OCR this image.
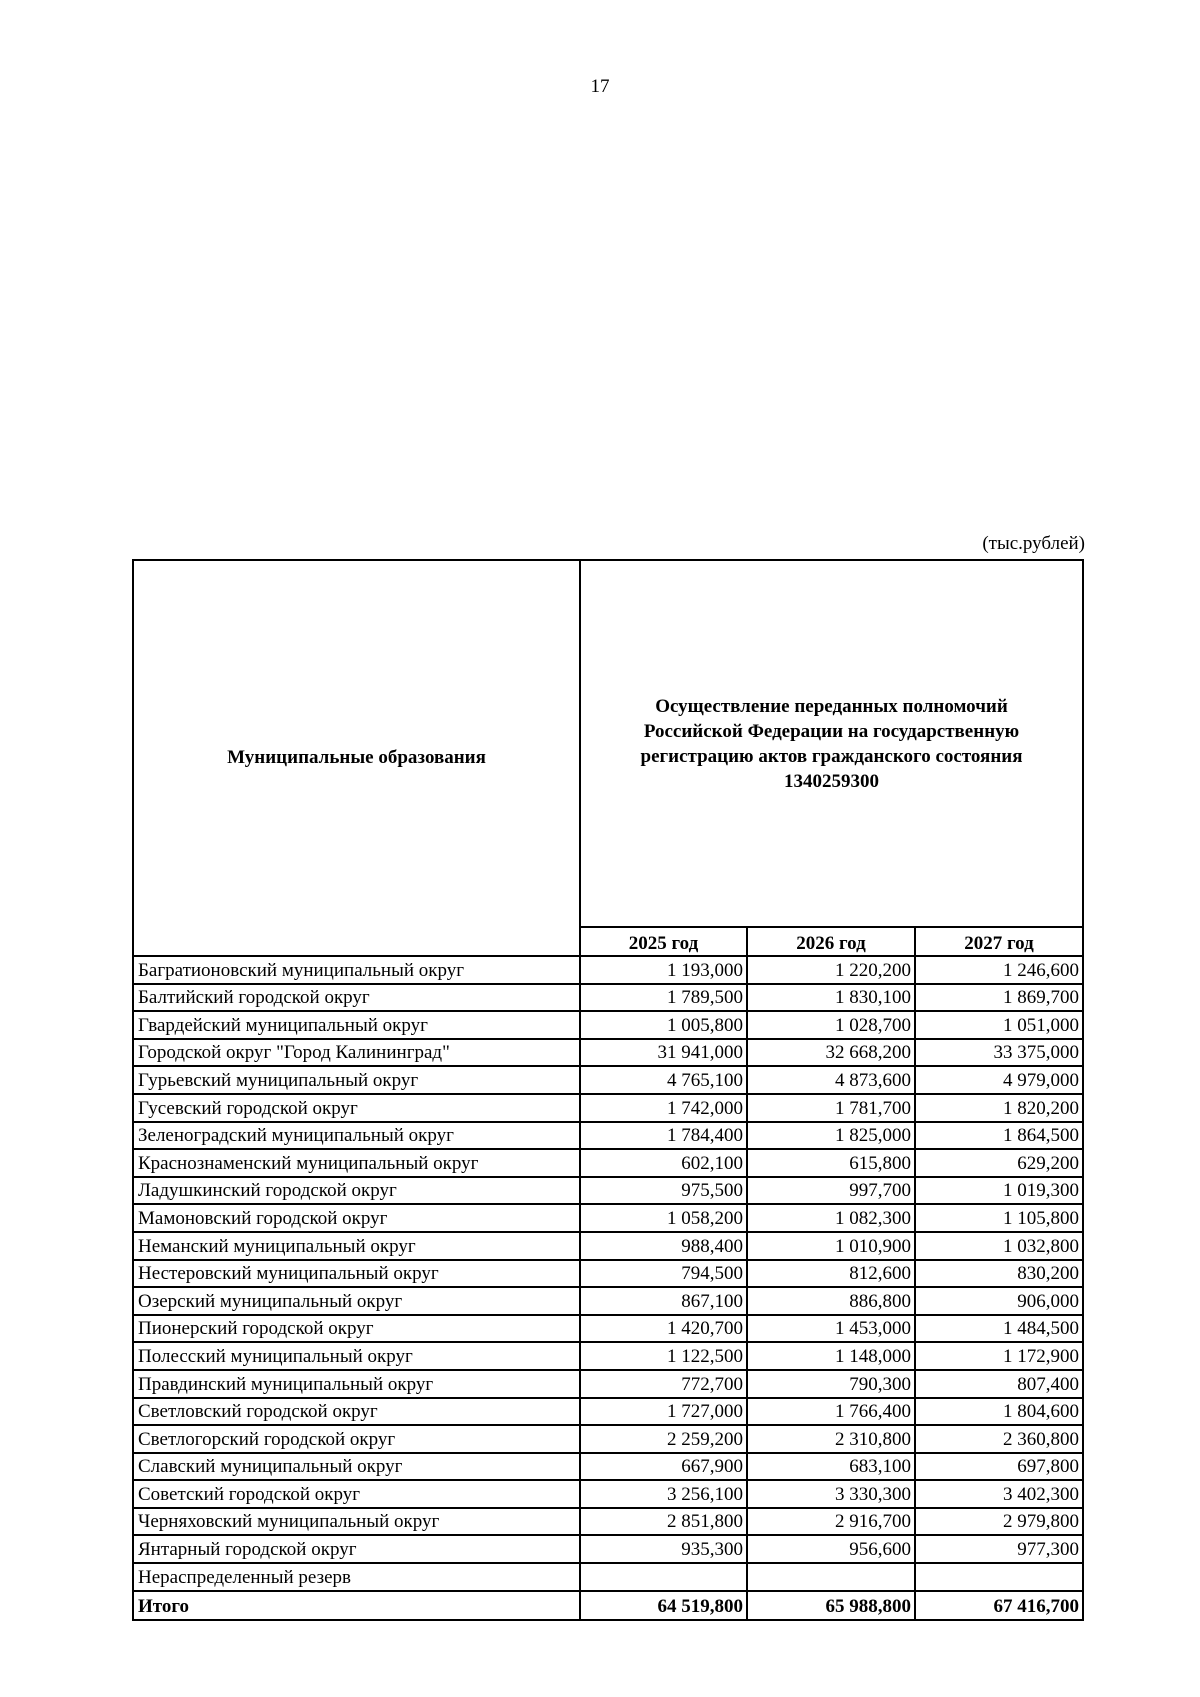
17
(тыс.рублей)
Муниципальные образования	Осуществление переданных полномочий Российской Федерации на государственную регистрацию актов гражданского состояния 1340259300		
	2025 год	2026 год	2027 год
Багратионовский муниципальный округ	1 193,000	1 220,200	1 246,600
Балтийский городской округ	1 789,500	1 830,100	1 869,700
Гвардейский муниципальный округ	1 005,800	1 028,700	1 051,000
Городской округ "Город Калининград"	31 941,000	32 668,200	33 375,000
Гурьевский муниципальный округ	4 765,100	4 873,600	4 979,000
Гусевский городской округ	1 742,000	1 781,700	1 820,200
Зеленоградский муниципальный округ	1 784,400	1 825,000	1 864,500
Краснознаменский муниципальный округ	602,100	615,800	629,200
Ладушкинский городской округ	975,500	997,700	1 019,300
Мамоновский городской округ	1 058,200	1 082,300	1 105,800
Неманский муниципальный округ	988,400	1 010,900	1 032,800
Нестеровский муниципальный округ	794,500	812,600	830,200
Озерский муниципальный округ	867,100	886,800	906,000
Пионерский городской округ	1 420,700	1 453,000	1 484,500
Полесский муниципальный округ	1 122,500	1 148,000	1 172,900
Правдинский муниципальный округ	772,700	790,300	807,400
Светловский городской округ	1 727,000	1 766,400	1 804,600
Светлогорский городской округ	2 259,200	2 310,800	2 360,800
Славский муниципальный округ	667,900	683,100	697,800
Советский городской округ	3 256,100	3 330,300	3 402,300
Черняховский муниципальный округ	2 851,800	2 916,700	2 979,800
Янтарный городской округ	935,300	956,600	977,300
Нераспределенный резерв			
Итого	64 519,800	65 988,800	67 416,700
